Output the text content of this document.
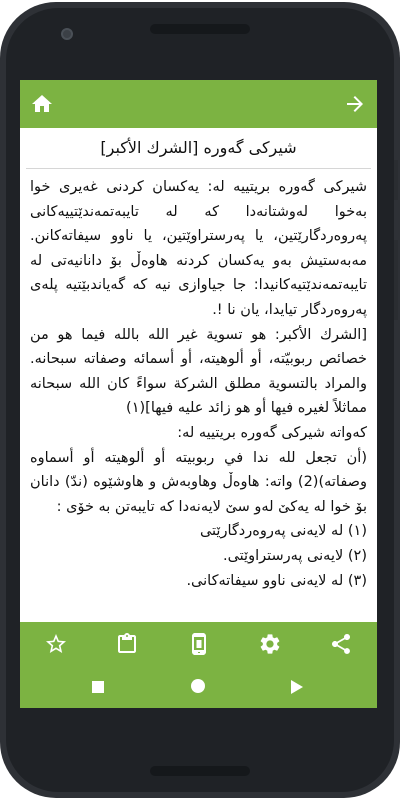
شیرکی گەورە [الشرك الأكبر]

شیرکی گەورە بریتییە لە: یەکسان کردنی غەیری خوا بەخوا لەوشتانەدا کە لە تایبەتمەندێتییەکانی پەروەردگارێتین، یا پەرستراوێتین، یا ناوو سیفاتەکانن. مەبەستیش بەو یەکسان کردنە هاوەڵ بۆ دانانیەتی لە تایبەتمەندێتیەکانیدا: جا جیاوازی نیە کە گەیاندبێتیە پلەی پەروەردگار تیایدا، یان نا !.

[الشرك الأكبر: هو تسوية غير الله بالله فيما هو من خصائص ربوبيّته، أو ألوهيته، أو أسمائه وصفاته سبحانه. والمراد بالتسوية مطلق الشركة سواءً كان الله سبحانه مماثلاً لغيره فيها أو هو زائد عليه فيها](١)

کەواتە شیرکی گەورە بریتییە لە:

(أن تجعل لله ندا في ربوبيته أو ألوهيته أو أسماوه وصفاته)(2) واتە: هاوەڵ وهاوبەش و هاوشێوە (ندّ) دانان بۆ خوا لە یەکێ لەو سێ لایەنەدا کە تایبەتن بە خۆی :

(١) لە لایەنی پەروەردگارێتی

(٢) لایەنی پەرستراوێتی.

(٣) لە لایەنی ناوو سیفاتەکانی.
